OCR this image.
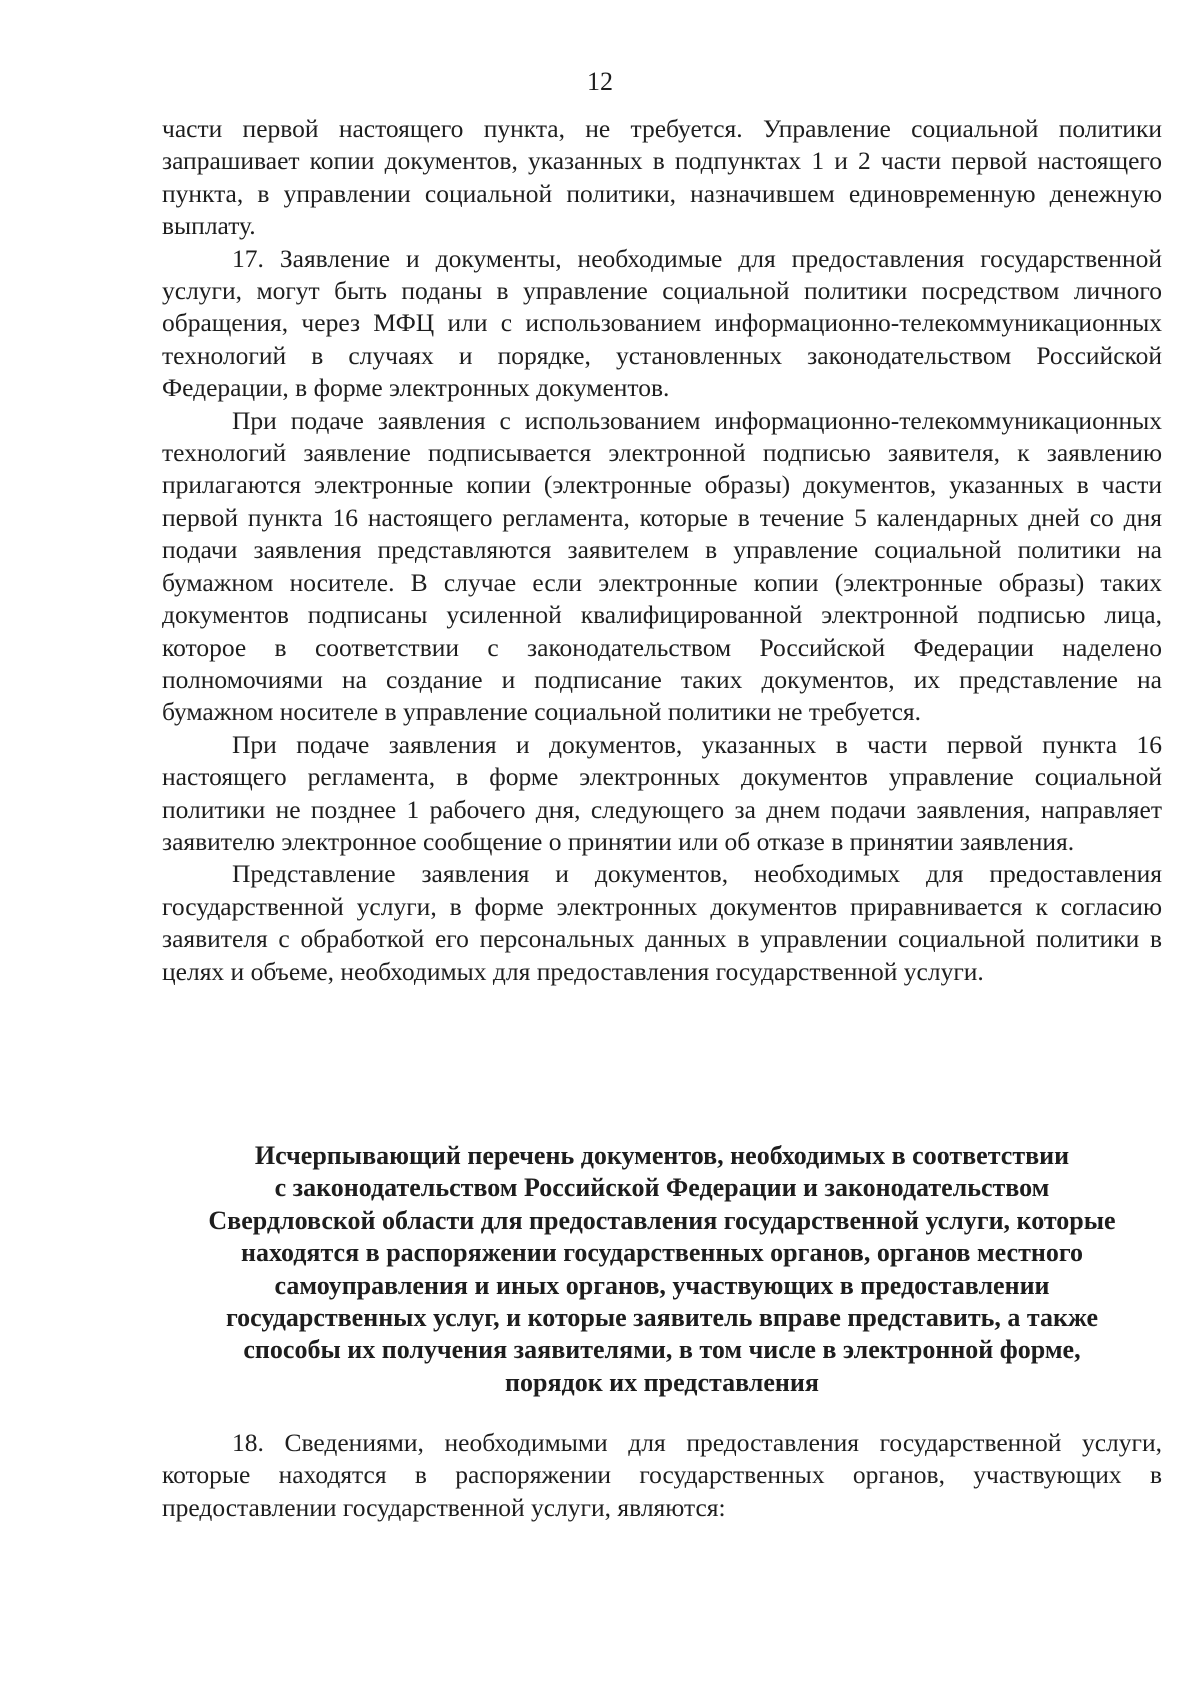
12

части первой настоящего пункта, не требуется. Управление социальной политики запрашивает копии документов, указанных в подпунктах 1 и 2 части первой настоящего пункта, в управлении социальной политики, назначившем единовременную денежную выплату.

17. Заявление и документы, необходимые для предоставления государственной услуги, могут быть поданы в управление социальной политики посредством личного обращения, через МФЦ или с использованием информационно-телекоммуникационных технологий в случаях и порядке, установленных законодательством Российской Федерации, в форме электронных документов.

При подаче заявления с использованием информационно-телекоммуникационных технологий заявление подписывается электронной подписью заявителя, к заявлению прилагаются электронные копии (электронные образы) документов, указанных в части первой пункта 16 настоящего регламента, которые в течение 5 календарных дней со дня подачи заявления представляются заявителем в управление социальной политики на бумажном носителе. В случае если электронные копии (электронные образы) таких документов подписаны усиленной квалифицированной электронной подписью лица, которое в соответствии с законодательством Российской Федерации наделено полномочиями на создание и подписание таких документов, их представление на бумажном носителе в управление социальной политики не требуется.

При подаче заявления и документов, указанных в части первой пункта 16 настоящего регламента, в форме электронных документов управление социальной политики не позднее 1 рабочего дня, следующего за днем подачи заявления, направляет заявителю электронное сообщение о принятии или об отказе в принятии заявления.

Представление заявления и документов, необходимых для предоставления государственной услуги, в форме электронных документов приравнивается к согласию заявителя с обработкой его персональных данных в управлении социальной политики в целях и объеме, необходимых для предоставления государственной услуги.

Исчерпывающий перечень документов, необходимых в соответствии
с законодательством Российской Федерации и законодательством
Свердловской области для предоставления государственной услуги, которые
находятся в распоряжении государственных органов, органов местного
самоуправления и иных органов, участвующих в предоставлении
государственных услуг, и которые заявитель вправе представить, а также
способы их получения заявителями, в том числе в электронной форме,
порядок их представления

18. Сведениями, необходимыми для предоставления государственной услуги, которые находятся в распоряжении государственных органов, участвующих в предоставлении государственной услуги, являются:
